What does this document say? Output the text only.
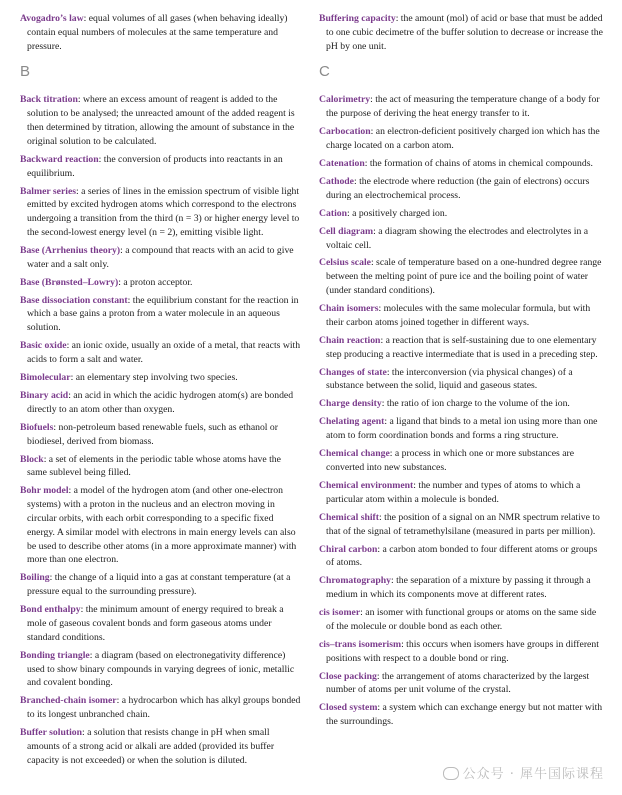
Avogadro’s law: equal volumes of all gases (when behaving ideally) contain equal numbers of molecules at the same temperature and pressure.

B

Back titration: where an excess amount of reagent is added to the solution to be analysed; the unreacted amount of the added reagent is then determined by titration, allowing the amount of substance in the original solution to be calculated.

Backward reaction: the conversion of products into reactants in an equilibrium.

Balmer series: a series of lines in the emission spectrum of visible light emitted by excited hydrogen atoms which correspond to the electrons undergoing a transition from the third (n = 3) or higher energy level to the second-lowest energy level (n = 2), emitting visible light.

Base (Arrhenius theory): a compound that reacts with an acid to give water and a salt only.

Base (Brønsted–Lowry): a proton acceptor.

Base dissociation constant: the equilibrium constant for the reaction in which a base gains a proton from a water molecule in an aqueous solution.

Basic oxide: an ionic oxide, usually an oxide of a metal, that reacts with acids to form a salt and water.

Bimolecular: an elementary step involving two species.

Binary acid: an acid in which the acidic hydrogen atom(s) are bonded directly to an atom other than oxygen.

Biofuels: non-petroleum based renewable fuels, such as ethanol or biodiesel, derived from biomass.

Block: a set of elements in the periodic table whose atoms have the same sublevel being filled.

Bohr model: a model of the hydrogen atom (and other one-electron systems) with a proton in the nucleus and an electron moving in circular orbits, with each orbit corresponding to a specific fixed energy. A similar model with electrons in main energy levels can also be used to describe other atoms (in a more approximate manner) with more than one electron.

Boiling: the change of a liquid into a gas at constant temperature (at a pressure equal to the surrounding pressure).

Bond enthalpy: the minimum amount of energy required to break a mole of gaseous covalent bonds and form gaseous atoms under standard conditions.

Bonding triangle: a diagram (based on electronegativity difference) used to show binary compounds in varying degrees of ionic, metallic and covalent bonding.

Branched-chain isomer: a hydrocarbon which has alkyl groups bonded to its longest unbranched chain.

Buffer solution: a solution that resists change in pH when small amounts of a strong acid or alkali are added (provided its buffer capacity is not exceeded) or when the solution is diluted.

Buffering capacity: the amount (mol) of acid or base that must be added to one cubic decimetre of the buffer solution to decrease or increase the pH by one unit.

C

Calorimetry: the act of measuring the temperature change of a body for the purpose of deriving the heat energy transfer to it.

Carbocation: an electron-deficient positively charged ion which has the charge located on a carbon atom.

Catenation: the formation of chains of atoms in chemical compounds.

Cathode: the electrode where reduction (the gain of electrons) occurs during an electrochemical process.

Cation: a positively charged ion.

Cell diagram: a diagram showing the electrodes and electrolytes in a voltaic cell.

Celsius scale: scale of temperature based on a one-hundred degree range between the melting point of pure ice and the boiling point of water (under standard conditions).

Chain isomers: molecules with the same molecular formula, but with their carbon atoms joined together in different ways.

Chain reaction: a reaction that is self-sustaining due to one elementary step producing a reactive intermediate that is used in a preceding step.

Changes of state: the interconversion (via physical changes) of a substance between the solid, liquid and gaseous states.

Charge density: the ratio of ion charge to the volume of the ion.

Chelating agent: a ligand that binds to a metal ion using more than one atom to form coordination bonds and forms a ring structure.

Chemical change: a process in which one or more substances are converted into new substances.

Chemical environment: the number and types of atoms to which a particular atom within a molecule is bonded.

Chemical shift: the position of a signal on an NMR spectrum relative to that of the signal of tetramethylsilane (measured in parts per million).

Chiral carbon: a carbon atom bonded to four different atoms or groups of atoms.

Chromatography: the separation of a mixture by passing it through a medium in which its components move at different rates.

cis isomer: an isomer with functional groups or atoms on the same side of the molecule or double bond as each other.

cis–trans isomerism: this occurs when isomers have groups in different positions with respect to a double bond or ring.

Close packing: the arrangement of atoms characterized by the largest number of atoms per unit volume of the crystal.

Closed system: a system which can exchange energy but not matter with the surroundings.

公众号 · 犀牛国际课程
